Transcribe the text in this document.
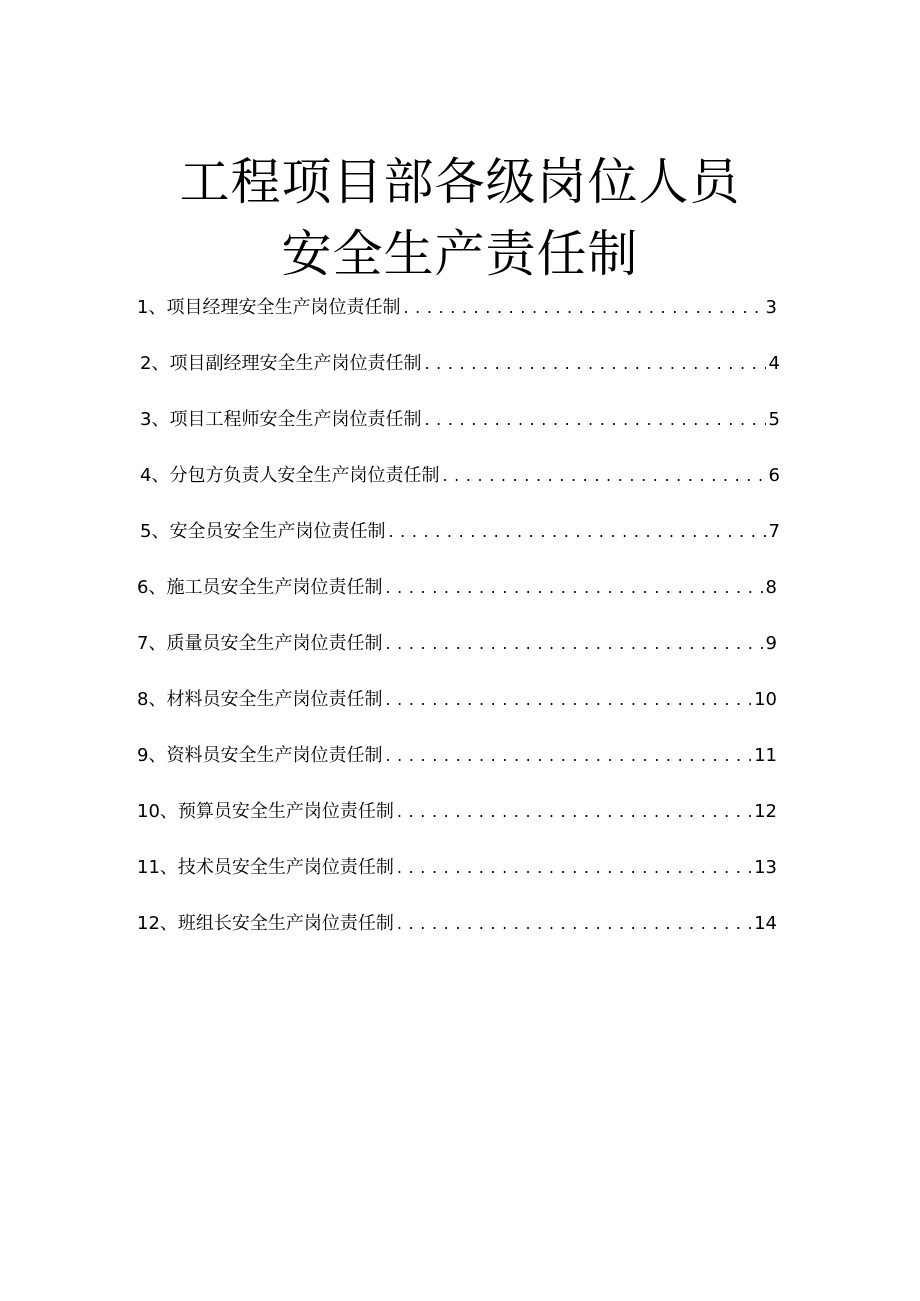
工程项目部各级岗位人员
安全生产责任制
1、 项目经理安全生产岗位责任制 .....	3
2、 项目副经理安全生产岗位责任制 .....	4
3、 项目工程师安全生产岗位责任制 .....	5
4、 分包方负责人安全生产岗位责任制 .....	6
5、 安全员安全生产岗位责任制 .....	7
6、 施工员安全生产岗位责任制 .....	8
7、 质量员安全生产岗位责任制 .....	9
8、 材料员安全生产岗位责任制 .....	10
9、 资料员安全生产岗位责任制 .....	11
10、 预算员安全生产岗位责任制 .....	12
11、 技术员安全生产岗位责任制 .....	13
12、 班组长安全生产岗位责任制 .....	14
